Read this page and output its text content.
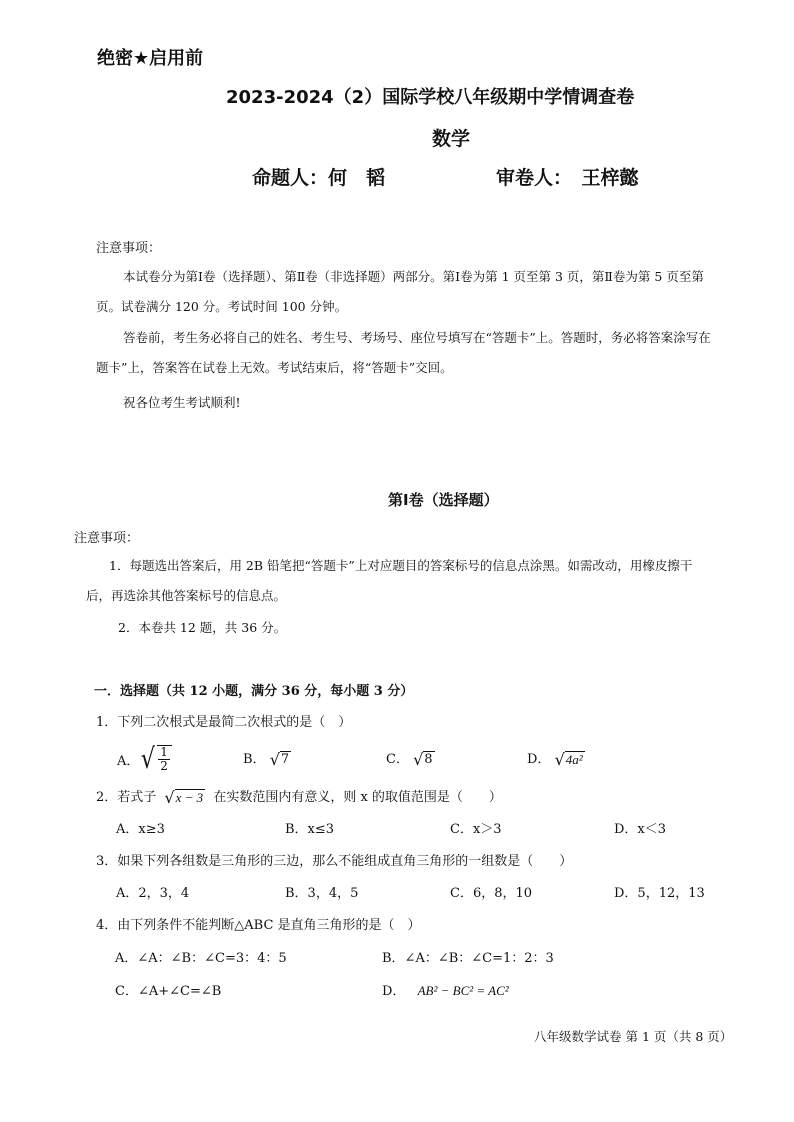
绝密★启用前
2023-2024（2）国际学校八年级期中学情调查卷
数学
命题人：何　韬	审卷人：　王梓懿
注意事项：
本试卷分为第Ⅰ卷（选择题）、第Ⅱ卷（非选择题）两部分。第Ⅰ卷为第 1 页至第 3 页，第Ⅱ卷为第 5 页至第
页。试卷满分 120 分。考试时间 100 分钟。
答卷前，考生务必将自己的姓名、考生号、考场号、座位号填写在“答题卡”上。答题时，务必将答案涂写在
题卡”上，答案答在试卷上无效。考试结束后，将“答题卡”交回。
祝各位考生考试顺利!
第Ⅰ卷（选择题）
注意事项：
1．每题选出答案后，用 2B 铅笔把“答题卡”上对应题目的答案标号的信息点涂黑。如需改动，用橡皮擦干
后，再选涂其他答案标号的信息点。
2．本卷共 12 题，共 36 分。
一．选择题（共 12 小题，满分 36 分，每小题 3 分）
1．下列二次根式是最简二次根式的是（　）
A． √ $\frac{1}{2}$	B． √ 7	C． √ 8	D． √ 4a²
2．若式子 √ x − 3 在实数范围内有意义，则 x 的取值范围是（　　）
A．x≥3	B．x≤3	C．x＞3	D．x＜3
3．如果下列各组数是三角形的三边，那么不能组成直角三角形的一组数是（　　）
A．2，3，4	B．3，4，5	C．6，8，10	D．5，12，13
4．由下列条件不能判断△ABC 是直角三角形的是（　）
A．∠A：∠B：∠C=3：4：5	B．∠A：∠B：∠C=1：2：3
C．∠A+∠C=∠B	D． AB² − BC² = AC²
八年级数学试卷 第 1 页（共 8 页）
